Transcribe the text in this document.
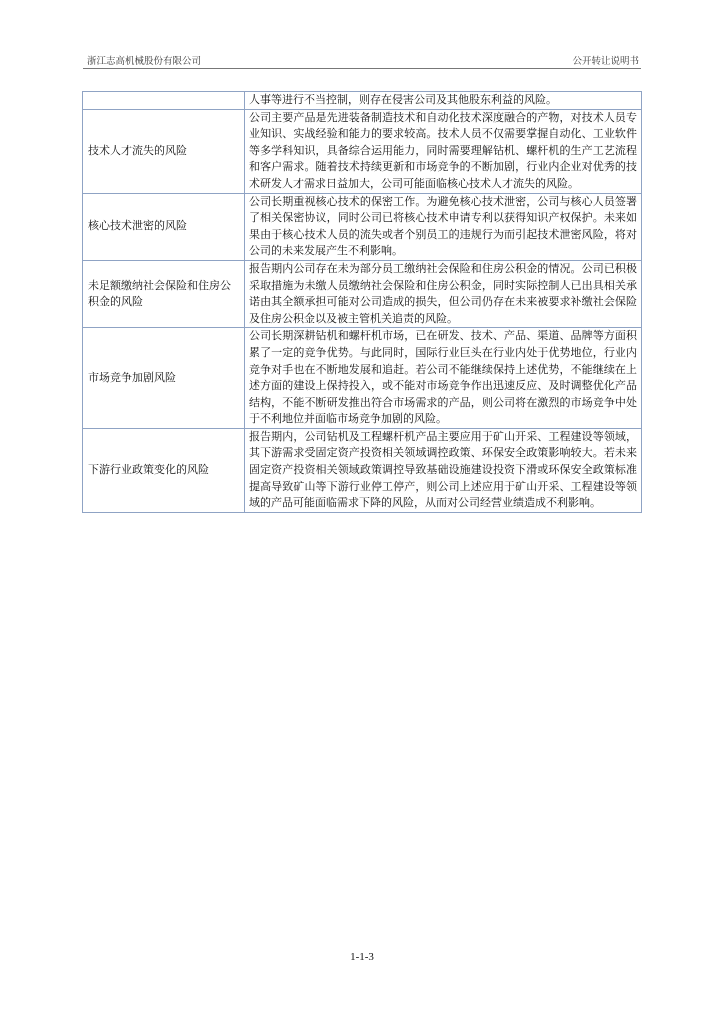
浙江志高机械股份有限公司	公开转让说明书
	人事等进行不当控制，则存在侵害公司及其他股东利益的风险。
技术人才流失的风险	公司主要产品是先进装备制造技术和自动化技术深度融合的产物，对技术人员专业知识、实战经验和能力的要求较高。技术人员不仅需要掌握自动化、工业软件等多学科知识，具备综合运用能力，同时需要理解钻机、螺杆机的生产工艺流程和客户需求。随着技术持续更新和市场竞争的不断加剧，行业内企业对优秀的技术研发人才需求日益加大，公司可能面临核心技术人才流失的风险。
核心技术泄密的风险	公司长期重视核心技术的保密工作。为避免核心技术泄密，公司与核心人员签署了相关保密协议，同时公司已将核心技术申请专利以获得知识产权保护。未来如果由于核心技术人员的流失或者个别员工的违规行为而引起技术泄密风险，将对公司的未来发展产生不利影响。
未足额缴纳社会保险和住房公积金的风险	报告期内公司存在未为部分员工缴纳社会保险和住房公积金的情况。公司已积极采取措施为未缴人员缴纳社会保险和住房公积金，同时实际控制人已出具相关承诺由其全额承担可能对公司造成的损失，但公司仍存在未来被要求补缴社会保险及住房公积金以及被主管机关追责的风险。
市场竞争加剧风险	公司长期深耕钻机和螺杆机市场，已在研发、技术、产品、渠道、品牌等方面积累了一定的竞争优势。与此同时，国际行业巨头在行业内处于优势地位，行业内竞争对手也在不断地发展和追赶。若公司不能继续保持上述优势，不能继续在上述方面的建设上保持投入，或不能对市场竞争作出迅速反应、及时调整优化产品结构，不能不断研发推出符合市场需求的产品，则公司将在激烈的市场竞争中处于不利地位并面临市场竞争加剧的风险。
下游行业政策变化的风险	报告期内，公司钻机及工程螺杆机产品主要应用于矿山开采、工程建设等领域，其下游需求受固定资产投资相关领域调控政策、环保安全政策影响较大。若未来固定资产投资相关领域政策调控导致基础设施建设投资下滑或环保安全政策标准提高导致矿山等下游行业停工停产，则公司上述应用于矿山开采、工程建设等领域的产品可能面临需求下降的风险，从而对公司经营业绩造成不利影响。
1-1-3
